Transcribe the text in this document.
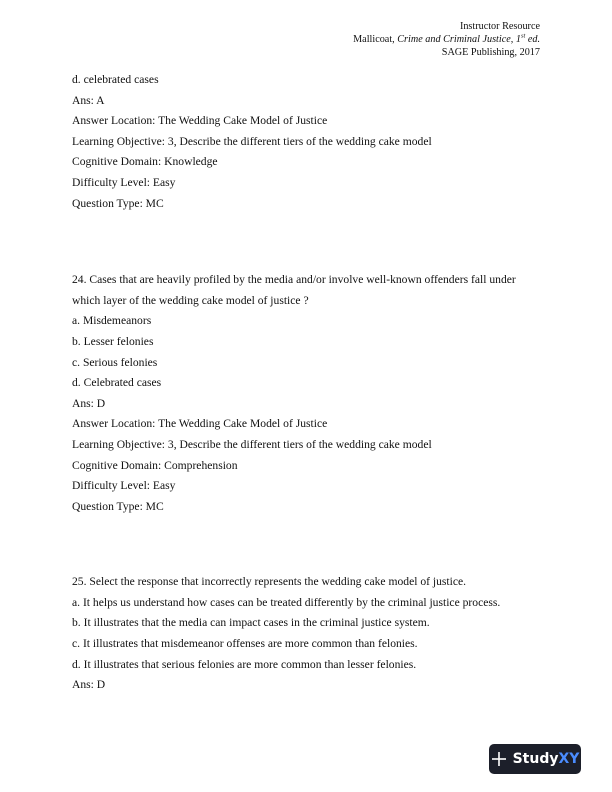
Instructor Resource
Mallicoat, Crime and Criminal Justice, 1st ed.
SAGE Publishing, 2017
d. celebrated cases
Ans: A
Answer Location: The Wedding Cake Model of Justice
Learning Objective: 3, Describe the different tiers of the wedding cake model
Cognitive Domain: Knowledge
Difficulty Level: Easy
Question Type: MC
24. Cases that are heavily profiled by the media and/or involve well-known offenders fall under
which layer of the wedding cake model of justice ?
a. Misdemeanors
b. Lesser felonies
c. Serious felonies
d. Celebrated cases
Ans: D
Answer Location: The Wedding Cake Model of Justice
Learning Objective: 3, Describe the different tiers of the wedding cake model
Cognitive Domain: Comprehension
Difficulty Level: Easy
Question Type: MC
25. Select the response that incorrectly represents the wedding cake model of justice.
a. It helps us understand how cases can be treated differently by the criminal justice process.
b. It illustrates that the media can impact cases in the criminal justice system.
c. It illustrates that misdemeanor offenses are more common than felonies.
d. It illustrates that serious felonies are more common than lesser felonies.
Ans: D
StudyXY
